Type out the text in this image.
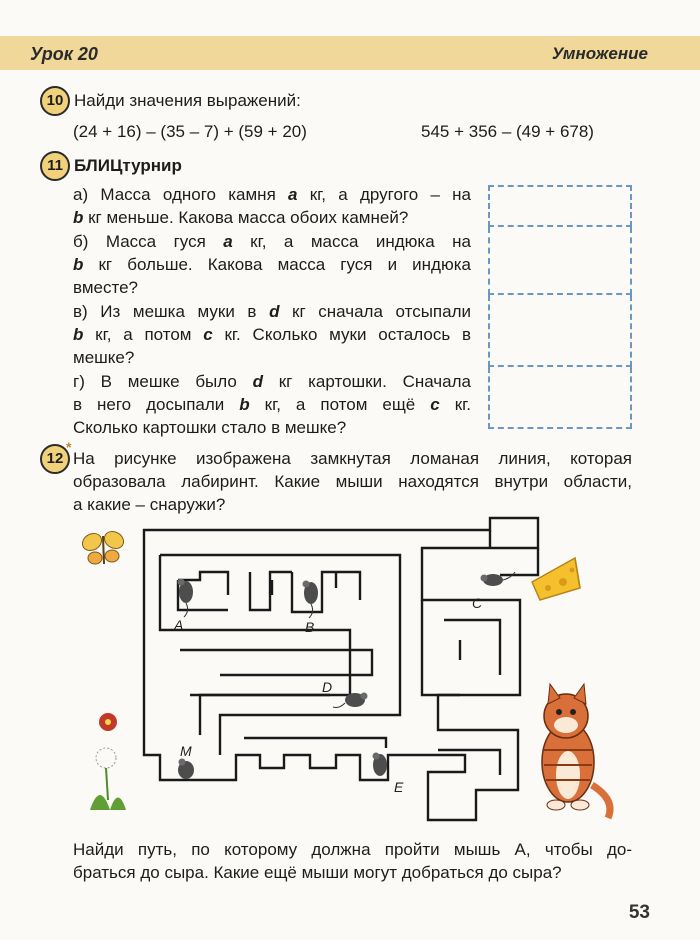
Урок 20	Умножение
10 Найди значения выражений:
(24 + 16) – (35 – 7) + (59 + 20)	545 + 356 – (49 + 678)
11 БЛИЦтурнир
а) Масса одного камня a кг, а другого – на
b кг меньше. Какова масса обоих камней?
б) Масса гуся a кг, а масса индюка на
b кг больше. Какова масса гуся и индюка
вместе?
в) Из мешка муки в d кг сначала отсыпали
b кг, а потом c кг. Сколько муки осталось в
мешке?
г) В мешке было d кг картошки. Сначала
в него досыпали b кг, а потом ещё c кг.
Сколько картошки стало в мешке?
12
*
На рисунке изображена замкнутая ломаная линия, которая
образовала лабиринт. Какие мыши находятся внутри области,
а какие – снаружи?
A	B
C
D
M
E
Найди путь, по которому должна пройти мышь A, чтобы до-
браться до сыра. Какие ещё мыши могут добраться до сыра?
53
